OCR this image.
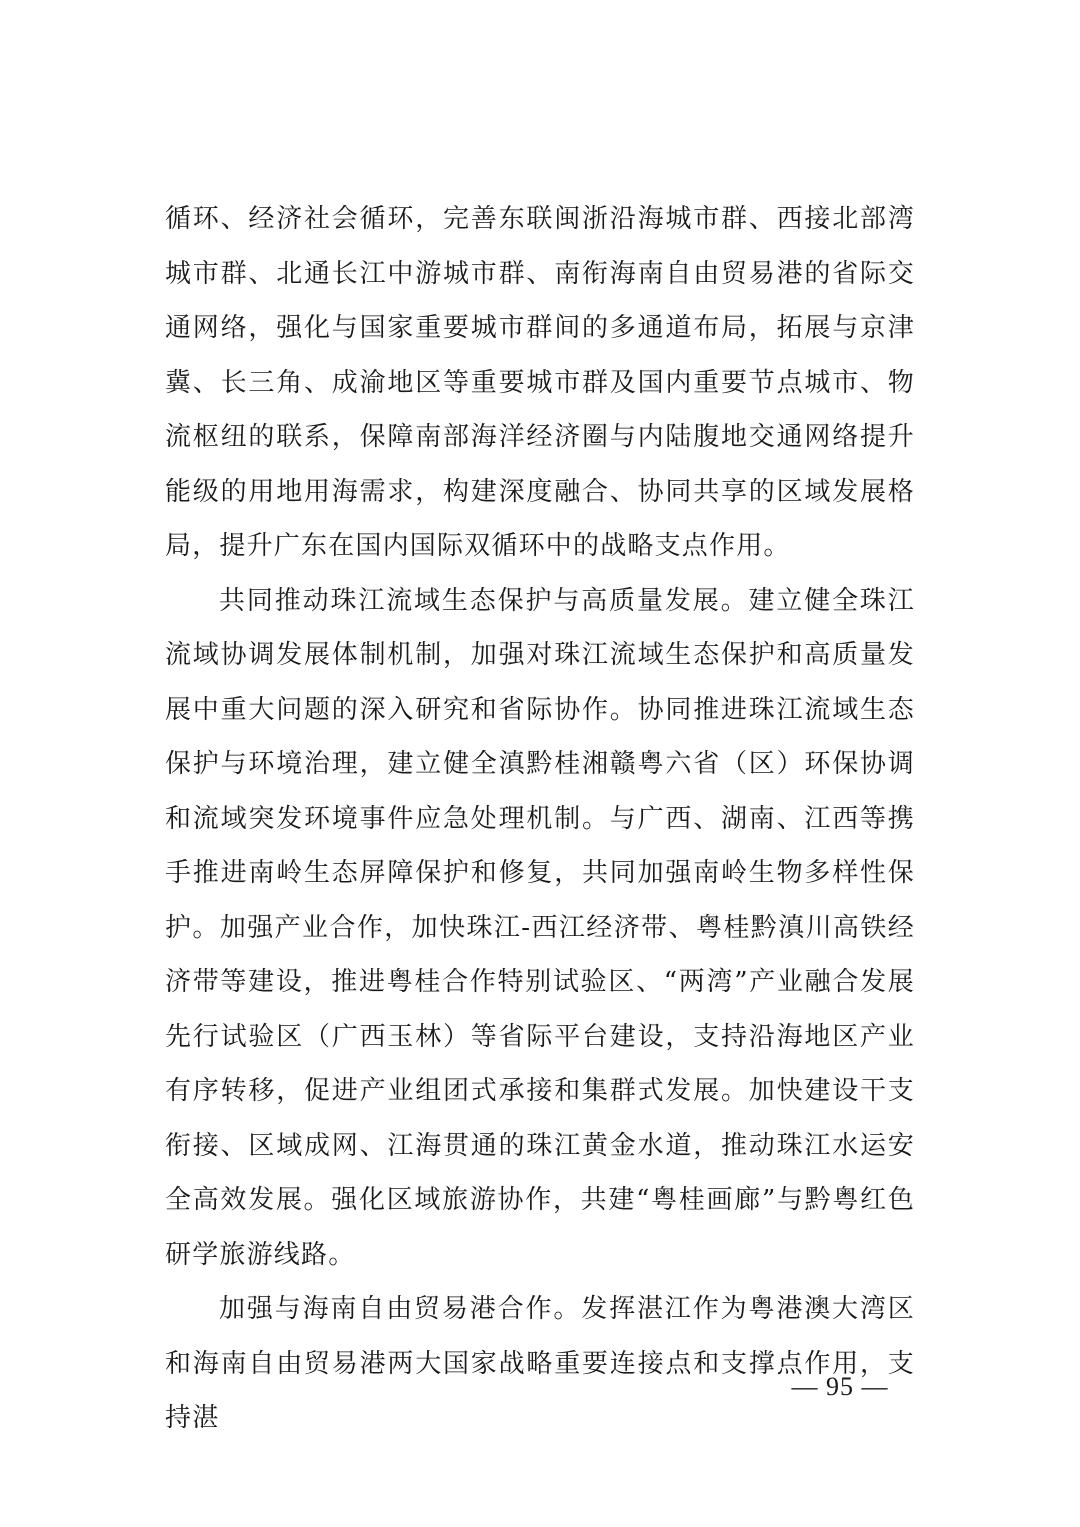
循环、经济社会循环，完善东联闽浙沿海城市群、西接北部湾城市群、北通长江中游城市群、南衔海南自由贸易港的省际交通网络，强化与国家重要城市群间的多通道布局，拓展与京津冀、长三角、成渝地区等重要城市群及国内重要节点城市、物流枢纽的联系，保障南部海洋经济圈与内陆腹地交通网络提升能级的用地用海需求，构建深度融合、协同共享的区域发展格局，提升广东在国内国际双循环中的战略支点作用。

共同推动珠江流域生态保护与高质量发展。建立健全珠江流域协调发展体制机制，加强对珠江流域生态保护和高质量发展中重大问题的深入研究和省际协作。协同推进珠江流域生态保护与环境治理，建立健全滇黔桂湘赣粤六省（区）环保协调和流域突发环境事件应急处理机制。与广西、湖南、江西等携手推进南岭生态屏障保护和修复，共同加强南岭生物多样性保护。加强产业合作，加快珠江-西江经济带、粤桂黔滇川高铁经济带等建设，推进粤桂合作特别试验区、“两湾”产业融合发展先行试验区（广西玉林）等省际平台建设，支持沿海地区产业有序转移，促进产业组团式承接和集群式发展。加快建设干支衔接、区域成网、江海贯通的珠江黄金水道，推动珠江水运安全高效发展。强化区域旅游协作，共建“粤桂画廊”与黔粤红色研学旅游线路。

加强与海南自由贸易港合作。发挥湛江作为粤港澳大湾区和海南自由贸易港两大国家战略重要连接点和支撑点作用，支持湛

— 95 —
